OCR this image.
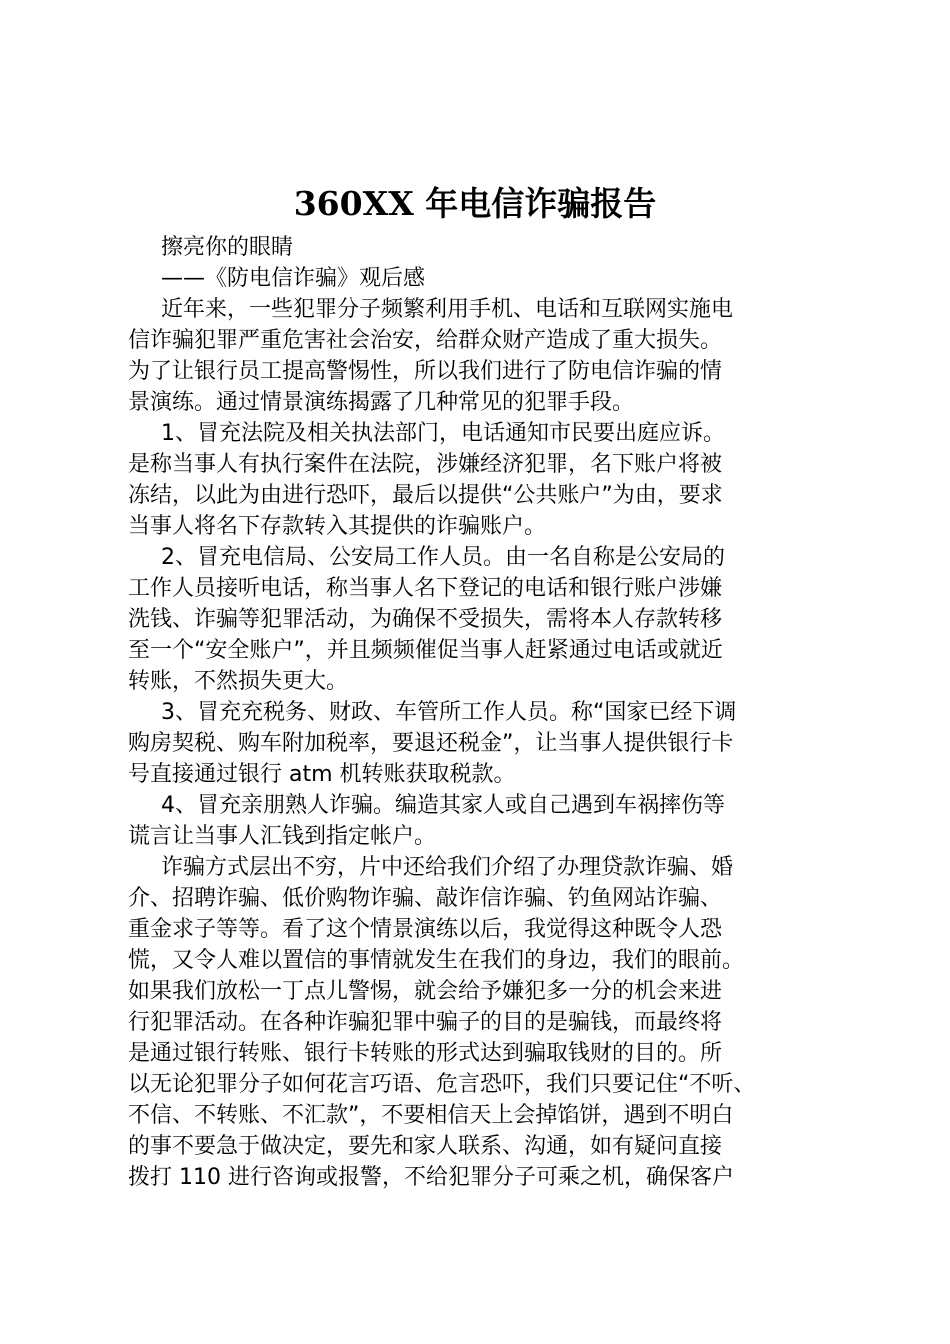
360XX 年电信诈骗报告
擦亮你的眼睛
——《防电信诈骗》观后感
近年来，一些犯罪分子频繁利用手机、电话和互联网实施电
信诈骗犯罪严重危害社会治安，给群众财产造成了重大损失。
为了让银行员工提高警惕性，所以我们进行了防电信诈骗的情
景演练。通过情景演练揭露了几种常见的犯罪手段。
1、冒充法院及相关执法部门，电话通知市民要出庭应诉。
是称当事人有执行案件在法院，涉嫌经济犯罪，名下账户将被
冻结，以此为由进行恐吓，最后以提供“公共账户”为由，要求
当事人将名下存款转入其提供的诈骗账户。
2、冒充电信局、公安局工作人员。由一名自称是公安局的
工作人员接听电话，称当事人名下登记的电话和银行账户涉嫌
洗钱、诈骗等犯罪活动，为确保不受损失，需将本人存款转移
至一个“安全账户”，并且频频催促当事人赶紧通过电话或就近
转账，不然损失更大。
3、冒充充税务、财政、车管所工作人员。称“国家已经下调
购房契税、购车附加税率，要退还税金”，让当事人提供银行卡
号直接通过银行 atm 机转账获取税款。
4、冒充亲朋熟人诈骗。编造其家人或自己遇到车祸摔伤等
谎言让当事人汇钱到指定帐户。
诈骗方式层出不穷，片中还给我们介绍了办理贷款诈骗、婚
介、招聘诈骗、低价购物诈骗、敲诈信诈骗、钓鱼网站诈骗、
重金求子等等。看了这个情景演练以后，我觉得这种既令人恐
慌，又令人难以置信的事情就发生在我们的身边，我们的眼前。
如果我们放松一丁点儿警惕，就会给予嫌犯多一分的机会来进
行犯罪活动。在各种诈骗犯罪中骗子的目的是骗钱，而最终将
是通过银行转账、银行卡转账的形式达到骗取钱财的目的。所
以无论犯罪分子如何花言巧语、危言恐吓，我们只要记住“不听、
不信、不转账、不汇款”，不要相信天上会掉馅饼，遇到不明白
的事不要急于做决定，要先和家人联系、沟通，如有疑问直接
拨打 110 进行咨询或报警，不给犯罪分子可乘之机，确保客户
